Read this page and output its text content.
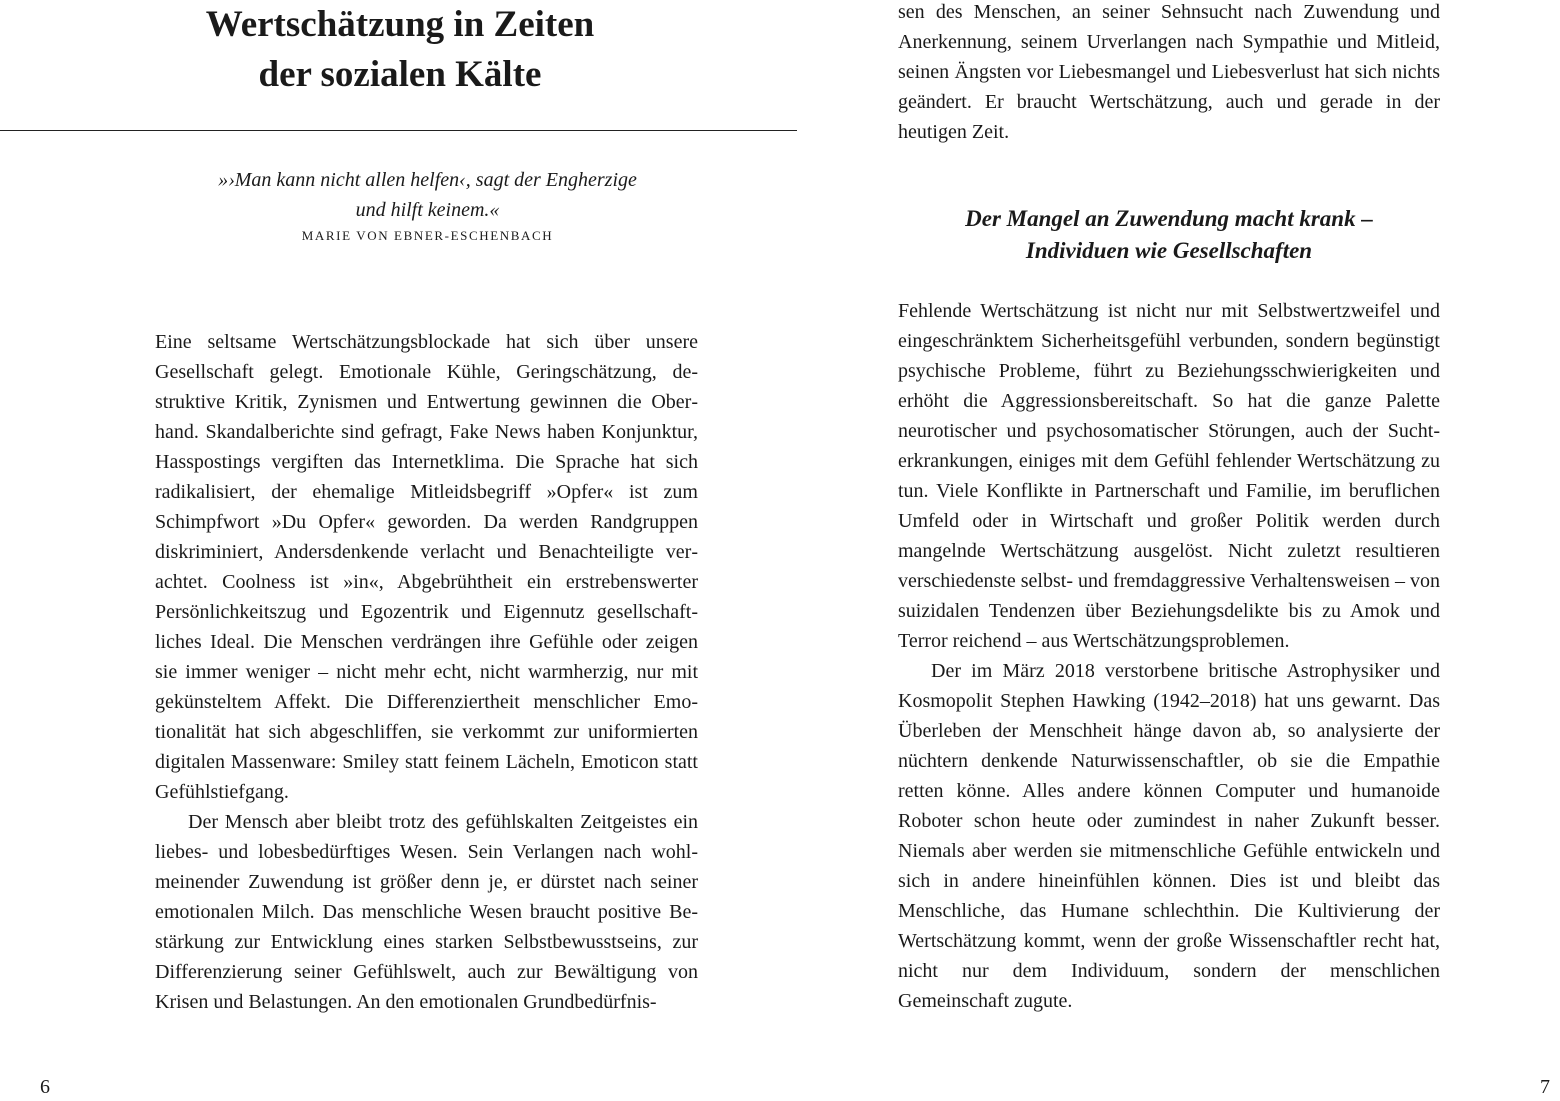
Wertschätzung in Zeiten
der sozialen Kälte
»›Man kann nicht allen helfen‹, sagt der Engherzige
und hilft keinem.«
MARIE VON EBNER-ESCHENBACH

Eine seltsame Wertschätzungsblockade hat sich über unsere Gesellschaft gelegt. Emotionale Kühle, Geringschätzung, destruktive Kritik, Zynismen und Entwertung gewinnen die Oberhand. Skandalberichte sind gefragt, Fake News haben Konjunktur, Hasspostings vergiften das Internetklima. Die Sprache hat sich radikalisiert, der ehemalige Mitleidsbegriff »Opfer« ist zum Schimpfwort »Du Opfer« geworden. Da werden Randgruppen diskriminiert, Andersdenkende verlacht und Benachteiligte verachtet. Coolness ist »in«, Abgebrühtheit ein erstrebenswerter Persönlichkeitszug und Egozentrik und Eigennutz gesellschaftliches Ideal. Die Menschen verdrängen ihre Gefühle oder zeigen sie immer weniger – nicht mehr echt, nicht warmherzig, nur mit gekünsteltem Affekt. Die Differenziertheit menschlicher Emotionalität hat sich abgeschliffen, sie verkommt zur uniformierten digitalen Massenware: Smiley statt feinem Lächeln, Emoticon statt Gefühlstiefgang.

Der Mensch aber bleibt trotz des gefühlskalten Zeitgeistes ein liebes- und lobesbedürftiges Wesen. Sein Verlangen nach wohlmeinender Zuwendung ist größer denn je, er dürstet nach seiner emotionalen Milch. Das menschliche Wesen braucht positive Bestärkung zur Entwicklung eines starken Selbstbewusstseins, zur Differenzierung seiner Gefühlswelt, auch zur Bewältigung von Krisen und Belastungen. An den emotionalen Grundbedürfnis-

6

sen des Menschen, an seiner Sehnsucht nach Zuwendung und Anerkennung, seinem Urverlangen nach Sympathie und Mitleid, seinen Ängsten vor Liebesmangel und Liebesverlust hat sich nichts geändert. Er braucht Wertschätzung, auch und gerade in der heutigen Zeit.

Der Mangel an Zuwendung macht krank –
Individuen wie Gesellschaften

Fehlende Wertschätzung ist nicht nur mit Selbstwertzweifel und eingeschränktem Sicherheitsgefühl verbunden, sondern begünstigt psychische Probleme, führt zu Beziehungsschwierigkeiten und erhöht die Aggressionsbereitschaft. So hat die ganze Palette neurotischer und psychosomatischer Störungen, auch der Suchterkrankungen, einiges mit dem Gefühl fehlender Wertschätzung zu tun. Viele Konflikte in Partnerschaft und Familie, im beruflichen Umfeld oder in Wirtschaft und großer Politik werden durch mangelnde Wertschätzung ausgelöst. Nicht zuletzt resultieren verschiedenste selbst- und fremdaggressive Verhaltensweisen – von suizidalen Tendenzen über Beziehungsdelikte bis zu Amok und Terror reichend – aus Wertschätzungsproblemen.

Der im März 2018 verstorbene britische Astrophysiker und Kosmopolit Stephen Hawking (1942–2018) hat uns gewarnt. Das Überleben der Menschheit hänge davon ab, so analysierte der nüchtern denkende Naturwissenschaftler, ob sie die Empathie retten könne. Alles andere können Computer und humanoide Roboter schon heute oder zumindest in naher Zukunft besser. Niemals aber werden sie mitmenschliche Gefühle entwickeln und sich in andere hineinfühlen können. Dies ist und bleibt das Menschliche, das Humane schlechthin. Die Kultivierung der Wertschätzung kommt, wenn der große Wissenschaftler recht hat, nicht nur dem Individuum, sondern der menschlichen Gemeinschaft zugute.

7
